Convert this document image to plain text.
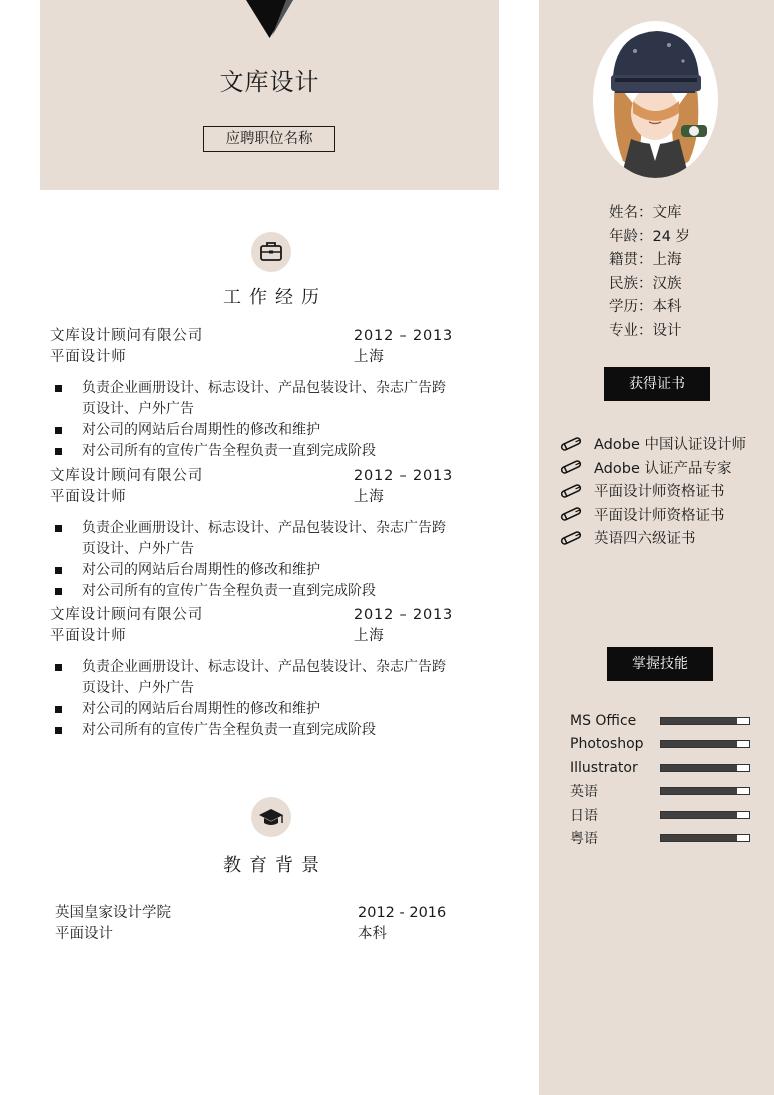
姓名： 文库
年龄： 24 岁
籍贯： 上海
民族： 汉族
学历： 本科
专业： 设计
获得证书
Adobe 中国认证设计师
Adobe 认证产品专家
平面设计师资格证书
平面设计师资格证书
英语四六级证书
掌握技能
MS Office
Photoshop
Illustrator
英语
日语
粤语
文库设计
应聘职位名称
工作经历
文库设计顾问有限公司	2012 – 2013
平面设计师	上海
负责企业画册设计、标志设计、产品包装设计、杂志广告跨页设计、户外广告
对公司的网站后台周期性的修改和维护
对公司所有的宣传广告全程负责一直到完成阶段
文库设计顾问有限公司	2012 – 2013
平面设计师	上海
负责企业画册设计、标志设计、产品包装设计、杂志广告跨页设计、户外广告
对公司的网站后台周期性的修改和维护
对公司所有的宣传广告全程负责一直到完成阶段
文库设计顾问有限公司	2012 – 2013
平面设计师	上海
负责企业画册设计、标志设计、产品包装设计、杂志广告跨页设计、户外广告
对公司的网站后台周期性的修改和维护
对公司所有的宣传广告全程负责一直到完成阶段
教育背景
英国皇家设计学院	2012 - 2016
平面设计	本科
